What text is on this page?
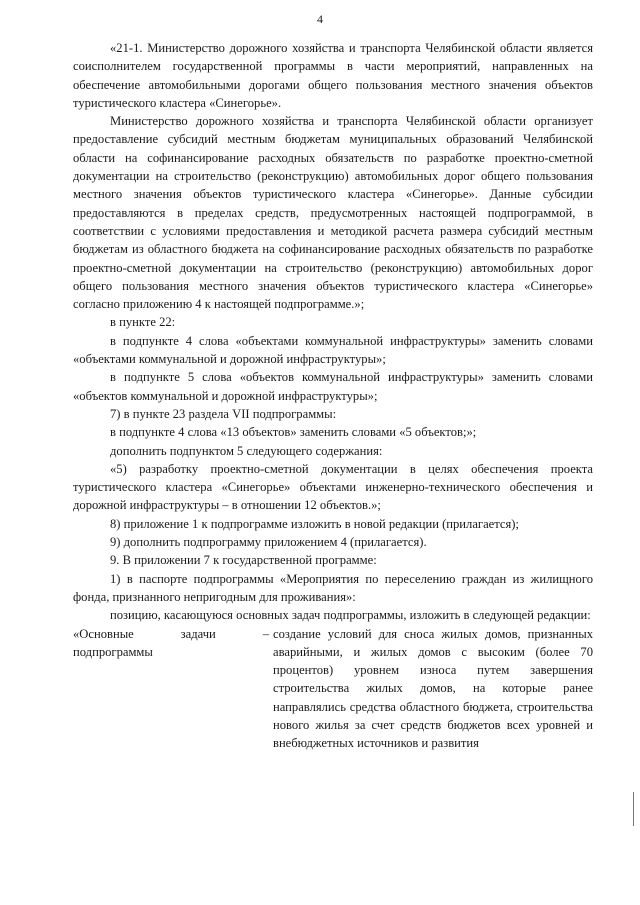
4

«21-1. Министерство дорожного хозяйства и транспорта Челябинской области является соисполнителем государственной программы в части мероприятий, направленных на обеспечение автомобильными дорогами общего пользования местного значения объектов туристического кластера «Синегорье».

Министерство дорожного хозяйства и транспорта Челябинской области организует предоставление субсидий местным бюджетам муниципальных образований Челябинской области на софинансирование расходных обязательств по разработке проектно-сметной документации на строительство (реконструкцию) автомобильных дорог общего пользования местного значения объектов туристического кластера «Синегорье». Данные субсидии предоставляются в пределах средств, предусмотренных настоящей подпрограммой, в соответствии с условиями предоставления и методикой расчета размера субсидий местным бюджетам из областного бюджета на софинансирование расходных обязательств по разработке проектно-сметной документации на строительство (реконструкцию) автомобильных дорог общего пользования местного значения объектов туристического кластера «Синегорье» согласно приложению 4 к настоящей подпрограмме.»;

в пункте 22:

в подпункте 4 слова «объектами коммунальной инфраструктуры» заменить словами «объектами коммунальной и дорожной инфраструктуры»;

в подпункте 5 слова «объектов коммунальной инфраструктуры» заменить словами «объектов коммунальной и дорожной инфраструктуры»;

7) в пункте 23 раздела VII подпрограммы:

в подпункте 4 слова «13 объектов» заменить словами «5 объектов;»;

дополнить подпунктом 5 следующего содержания:

«5) разработку проектно-сметной документации в целях обеспечения проекта туристического кластера «Синегорье» объектами инженерно-технического обеспечения и дорожной инфраструктуры – в отношении 12 объектов.»;

8) приложение 1 к подпрограмме изложить в новой редакции (прилагается);

9) дополнить подпрограмму приложением 4 (прилагается).

9. В приложении 7 к государственной программе:

1) в паспорте подпрограммы «Мероприятия по переселению граждан из жилищного фонда, признанного непригодным для проживания»:

позицию, касающуюся основных задач подпрограммы, изложить в следующей редакции:

«Основные задачи –
подпрограммы
создание условий для сноса жилых домов, признанных аварийными, и жилых домов с высоким (более 70 процентов) уровнем износа путем завершения строительства жилых домов, на которые ранее направлялись средства областного бюджета, строительства нового жилья за счет средств бюджетов всех уровней и внебюджетных источников и развития
